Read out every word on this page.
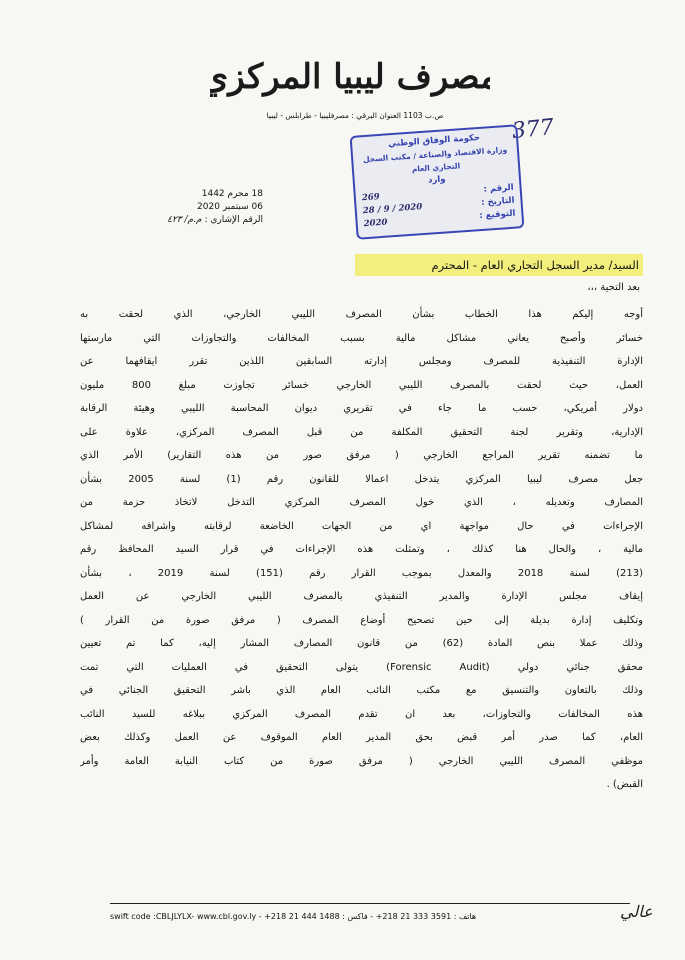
مصرف ليبيا المركزي
ص.ب 1103 العنوان البرقي : مصرفليبيا - طرابلس - ليبيا	377
حكومة الوفاق الوطني
وزارة الاقتصاد والصناعة / مكتب السجل التجاري العام
وارد
الرقم :
269	التاريخ :
2020 / 9 / 28
التوقيع :
2020
18 محرم 1442
06 سبتمبر 2020
الرقم الإشاري : م.م/ ٤٢٣
السيد/ مدير السجل التجاري العام - المحترم
بعد التحية ،،،
أوجه إليكم هذا الخطاب بشأن المصرف الليبي الخارجي، الذي لحقت به
خسائر وأصبح يعاني مشاكل مالية بسبب المخالفات والتجاوزات التي مارستها
الإدارة التنفيذية للمصرف ومجلس إدارته السابقين اللذين تقرر ايقافهما عن
العمل، حيث لحقت بالمصرف الليبي الخارجي خسائر تجاوزت مبلغ 800 مليون
دولار أمريكي، حسب ما جاء في تقريري ديوان المحاسبة الليبي وهيئة الرقابة
الإدارية، وتقرير لجنة التحقيق المكلفة من قبل المصرف المركزي، علاوة على
ما تضمنه تقرير المراجع الخارجي ( مرفق صور من هذه التقارير) الأمر الذي
جعل مصرف ليبيا المركزي يتدخل اعمالا للقانون رقم (1) لسنة 2005 بشأن
المصارف وتعديله ، الذي خول المصرف المركزي التدخل لاتخاذ حزمة من
الإجراءات في حال مواجهة اي من الجهات الخاضعة لرقابته واشرافه لمشاكل
مالية ، والحال هنا كذلك ، وتمثلت هذه الإجراءات في قرار السيد المحافظ رقم
(213) لسنة 2018 والمعدل بموجب القرار رقم (151) لسنة 2019 ، بشأن
إيقاف مجلس الإدارة والمدير التنفيذي بالمصرف الليبي الخارجي عن العمل
وتكليف إدارة بديلة إلى حين تصحيح أوضاع المصرف ( مرفق صورة من القرار )
وذلك عملا بنص المادة (62) من قانون المصارف المشار إليه، كما تم تعيين
محقق جنائي دولي (Forensic Audit) يتولى التحقيق في العمليات التي تمت
وذلك بالتعاون والتنسيق مع مكتب النائب العام الذي باشر التحقيق الجنائي في
هذه المخالفات والتجاوزات، بعد ان تقدم المصرف المركزي ببلاغه للسيد النائب
العام، كما صدر أمر قبض بحق المدير العام الموقوف عن العمل وكذلك بعض
موظفي المصرف الليبي الخارجي ( مرفق صورة من كتاب النيابة العامة وأمر
القبض) .
عالي
هاتف : 3591 333 21 218+ - فاكس : 1488 444 21 218+ - swift code :CBLJLYLX- www.cbl.gov.ly
